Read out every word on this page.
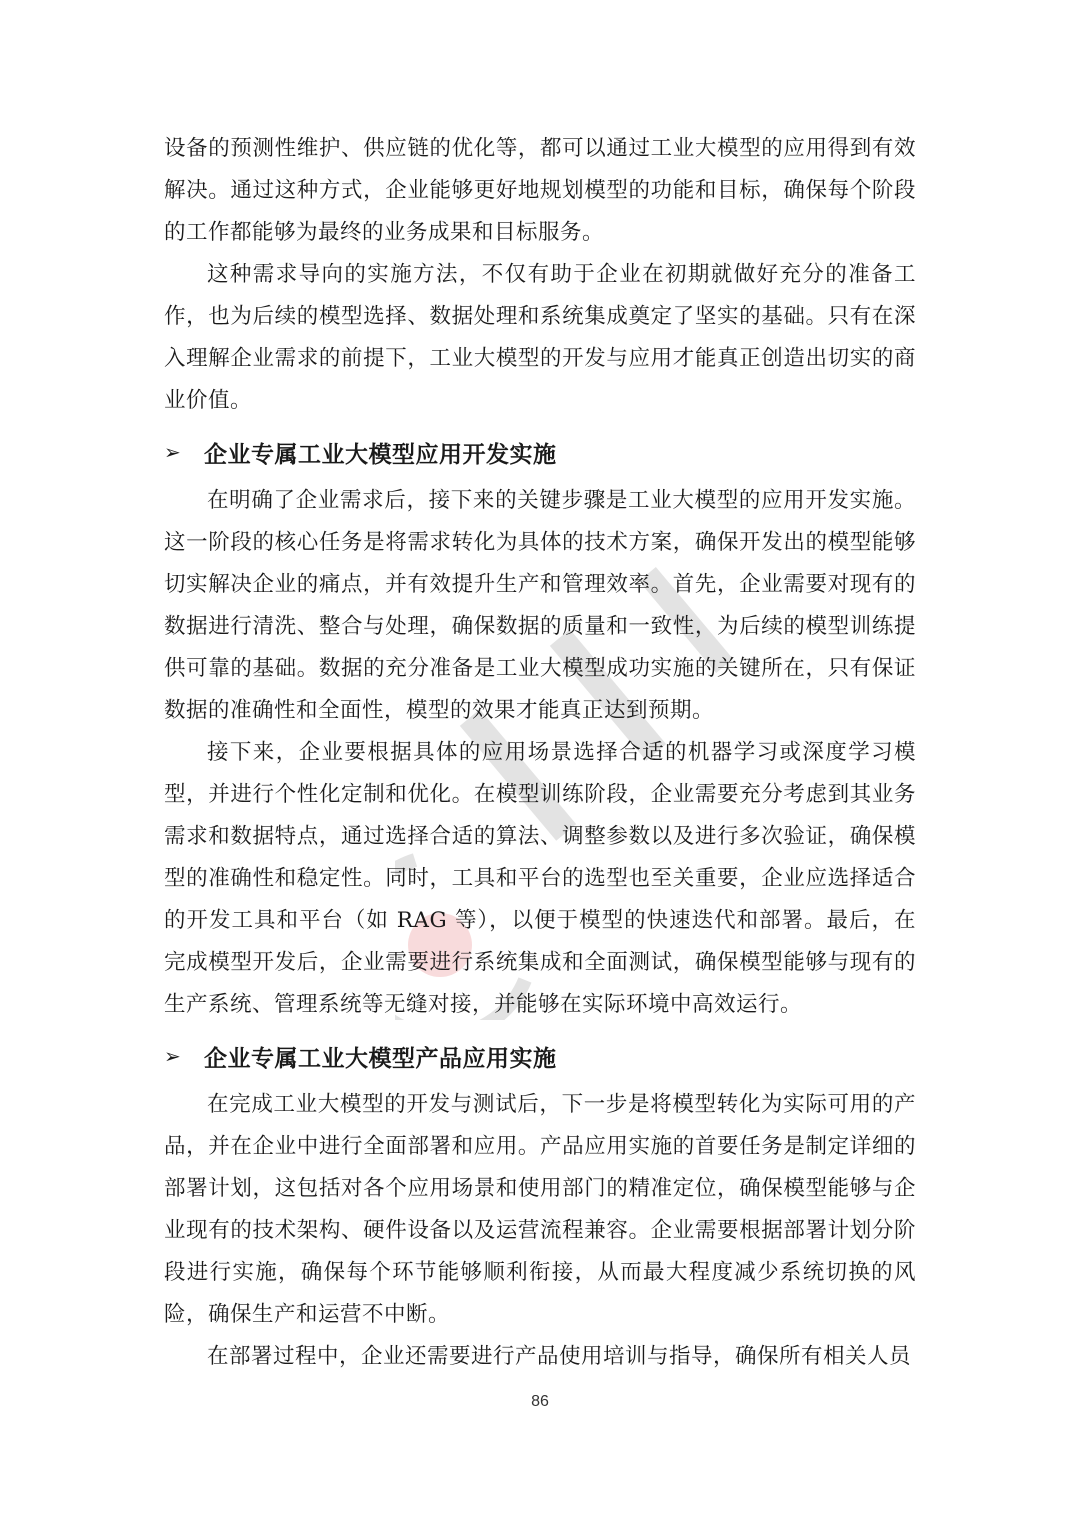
设备的预测性维护、供应链的优化等，都可以通过工业大模型的应用得到有效解决。通过这种方式，企业能够更好地规划模型的功能和目标，确保每个阶段的工作都能够为最终的业务成果和目标服务。

这种需求导向的实施方法，不仅有助于企业在初期就做好充分的准备工作，也为后续的模型选择、数据处理和系统集成奠定了坚实的基础。只有在深入理解企业需求的前提下，工业大模型的开发与应用才能真正创造出切实的商业价值。

➢ 企业专属工业大模型应用开发实施

在明确了企业需求后，接下来的关键步骤是工业大模型的应用开发实施。这一阶段的核心任务是将需求转化为具体的技术方案，确保开发出的模型能够切实解决企业的痛点，并有效提升生产和管理效率。首先，企业需要对现有的数据进行清洗、整合与处理，确保数据的质量和一致性，为后续的模型训练提供可靠的基础。数据的充分准备是工业大模型成功实施的关键所在，只有保证数据的准确性和全面性，模型的效果才能真正达到预期。

接下来，企业要根据具体的应用场景选择合适的机器学习或深度学习模型，并进行个性化定制和优化。在模型训练阶段，企业需要充分考虑到其业务需求和数据特点，通过选择合适的算法、调整参数以及进行多次验证，确保模型的准确性和稳定性。同时，工具和平台的选型也至关重要，企业应选择适合的开发工具和平台（如 RAG 等），以便于模型的快速迭代和部署。最后，在完成模型开发后，企业需要进行系统集成和全面测试，确保模型能够与现有的生产系统、管理系统等无缝对接，并能够在实际环境中高效运行。

➢ 企业专属工业大模型产品应用实施

在完成工业大模型的开发与测试后，下一步是将模型转化为实际可用的产品，并在企业中进行全面部署和应用。产品应用实施的首要任务是制定详细的部署计划，这包括对各个应用场景和使用部门的精准定位，确保模型能够与企业现有的技术架构、硬件设备以及运营流程兼容。企业需要根据部署计划分阶段进行实施，确保每个环节能够顺利衔接，从而最大程度减少系统切换的风险，确保生产和运营不中断。

在部署过程中，企业还需要进行产品使用培训与指导，确保所有相关人员

86
